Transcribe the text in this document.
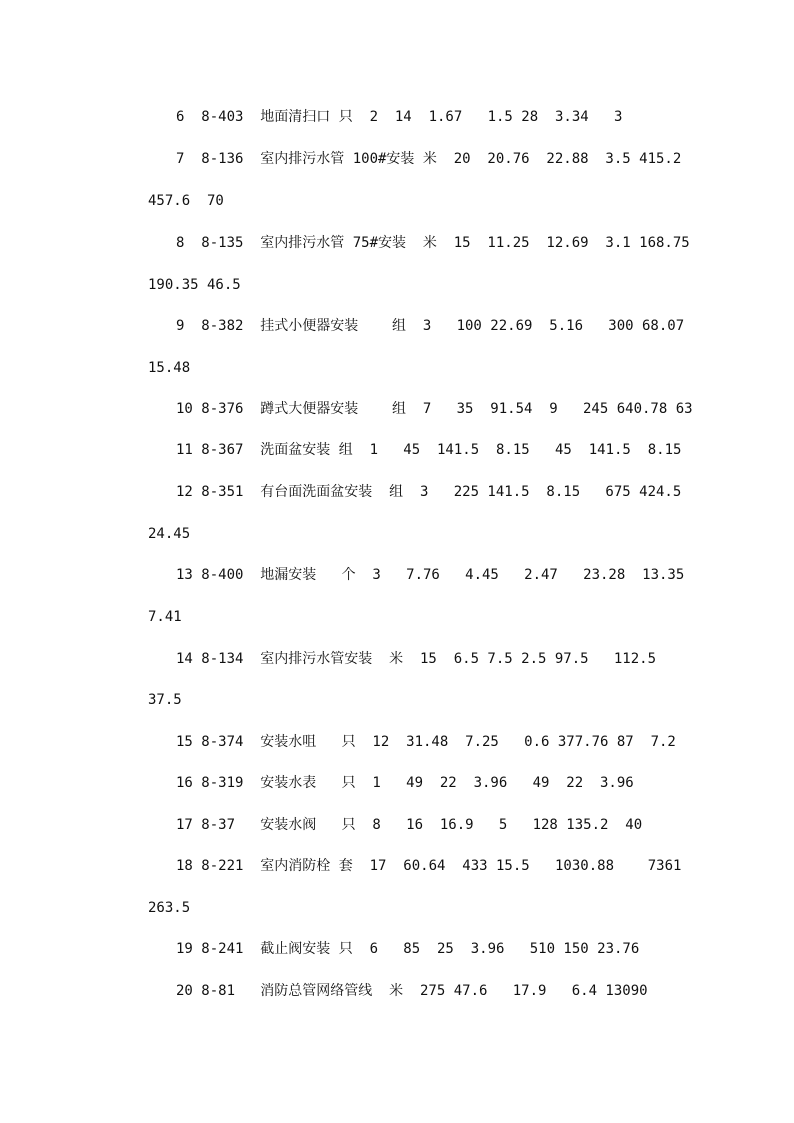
6  8-403  地面清扫口 只  2  14  1.67   1.5 28  3.34   3
7  8-136  室内排污水管 100#安装 米  20  20.76  22.88  3.5 415.2
457.6  70
8  8-135  室内排污水管 75#安装  米  15  11.25  12.69  3.1 168.75
190.35 46.5
9  8-382  挂式小便器安装    组  3   100 22.69  5.16   300 68.07
15.48
10 8-376  蹲式大便器安装    组  7   35  91.54  9   245 640.78 63
11 8-367  洗面盆安装 组  1   45  141.5  8.15   45  141.5  8.15
12 8-351  有台面洗面盆安装  组  3   225 141.5  8.15   675 424.5
24.45
13 8-400  地漏安装   个  3   7.76   4.45   2.47   23.28  13.35
7.41
14 8-134  室内排污水管安装  米  15  6.5 7.5 2.5 97.5   112.5
37.5
15 8-374  安装水咀   只  12  31.48  7.25   0.6 377.76 87  7.2
16 8-319  安装水表   只  1   49  22  3.96   49  22  3.96
17 8-37   安装水阀   只  8   16  16.9   5   128 135.2  40
18 8-221  室内消防栓 套  17  60.64  433 15.5   1030.88    7361
263.5
19 8-241  截止阀安装 只  6   85  25  3.96   510 150 23.76
20 8-81   消防总管网络管线  米  275 47.6   17.9   6.4 13090
